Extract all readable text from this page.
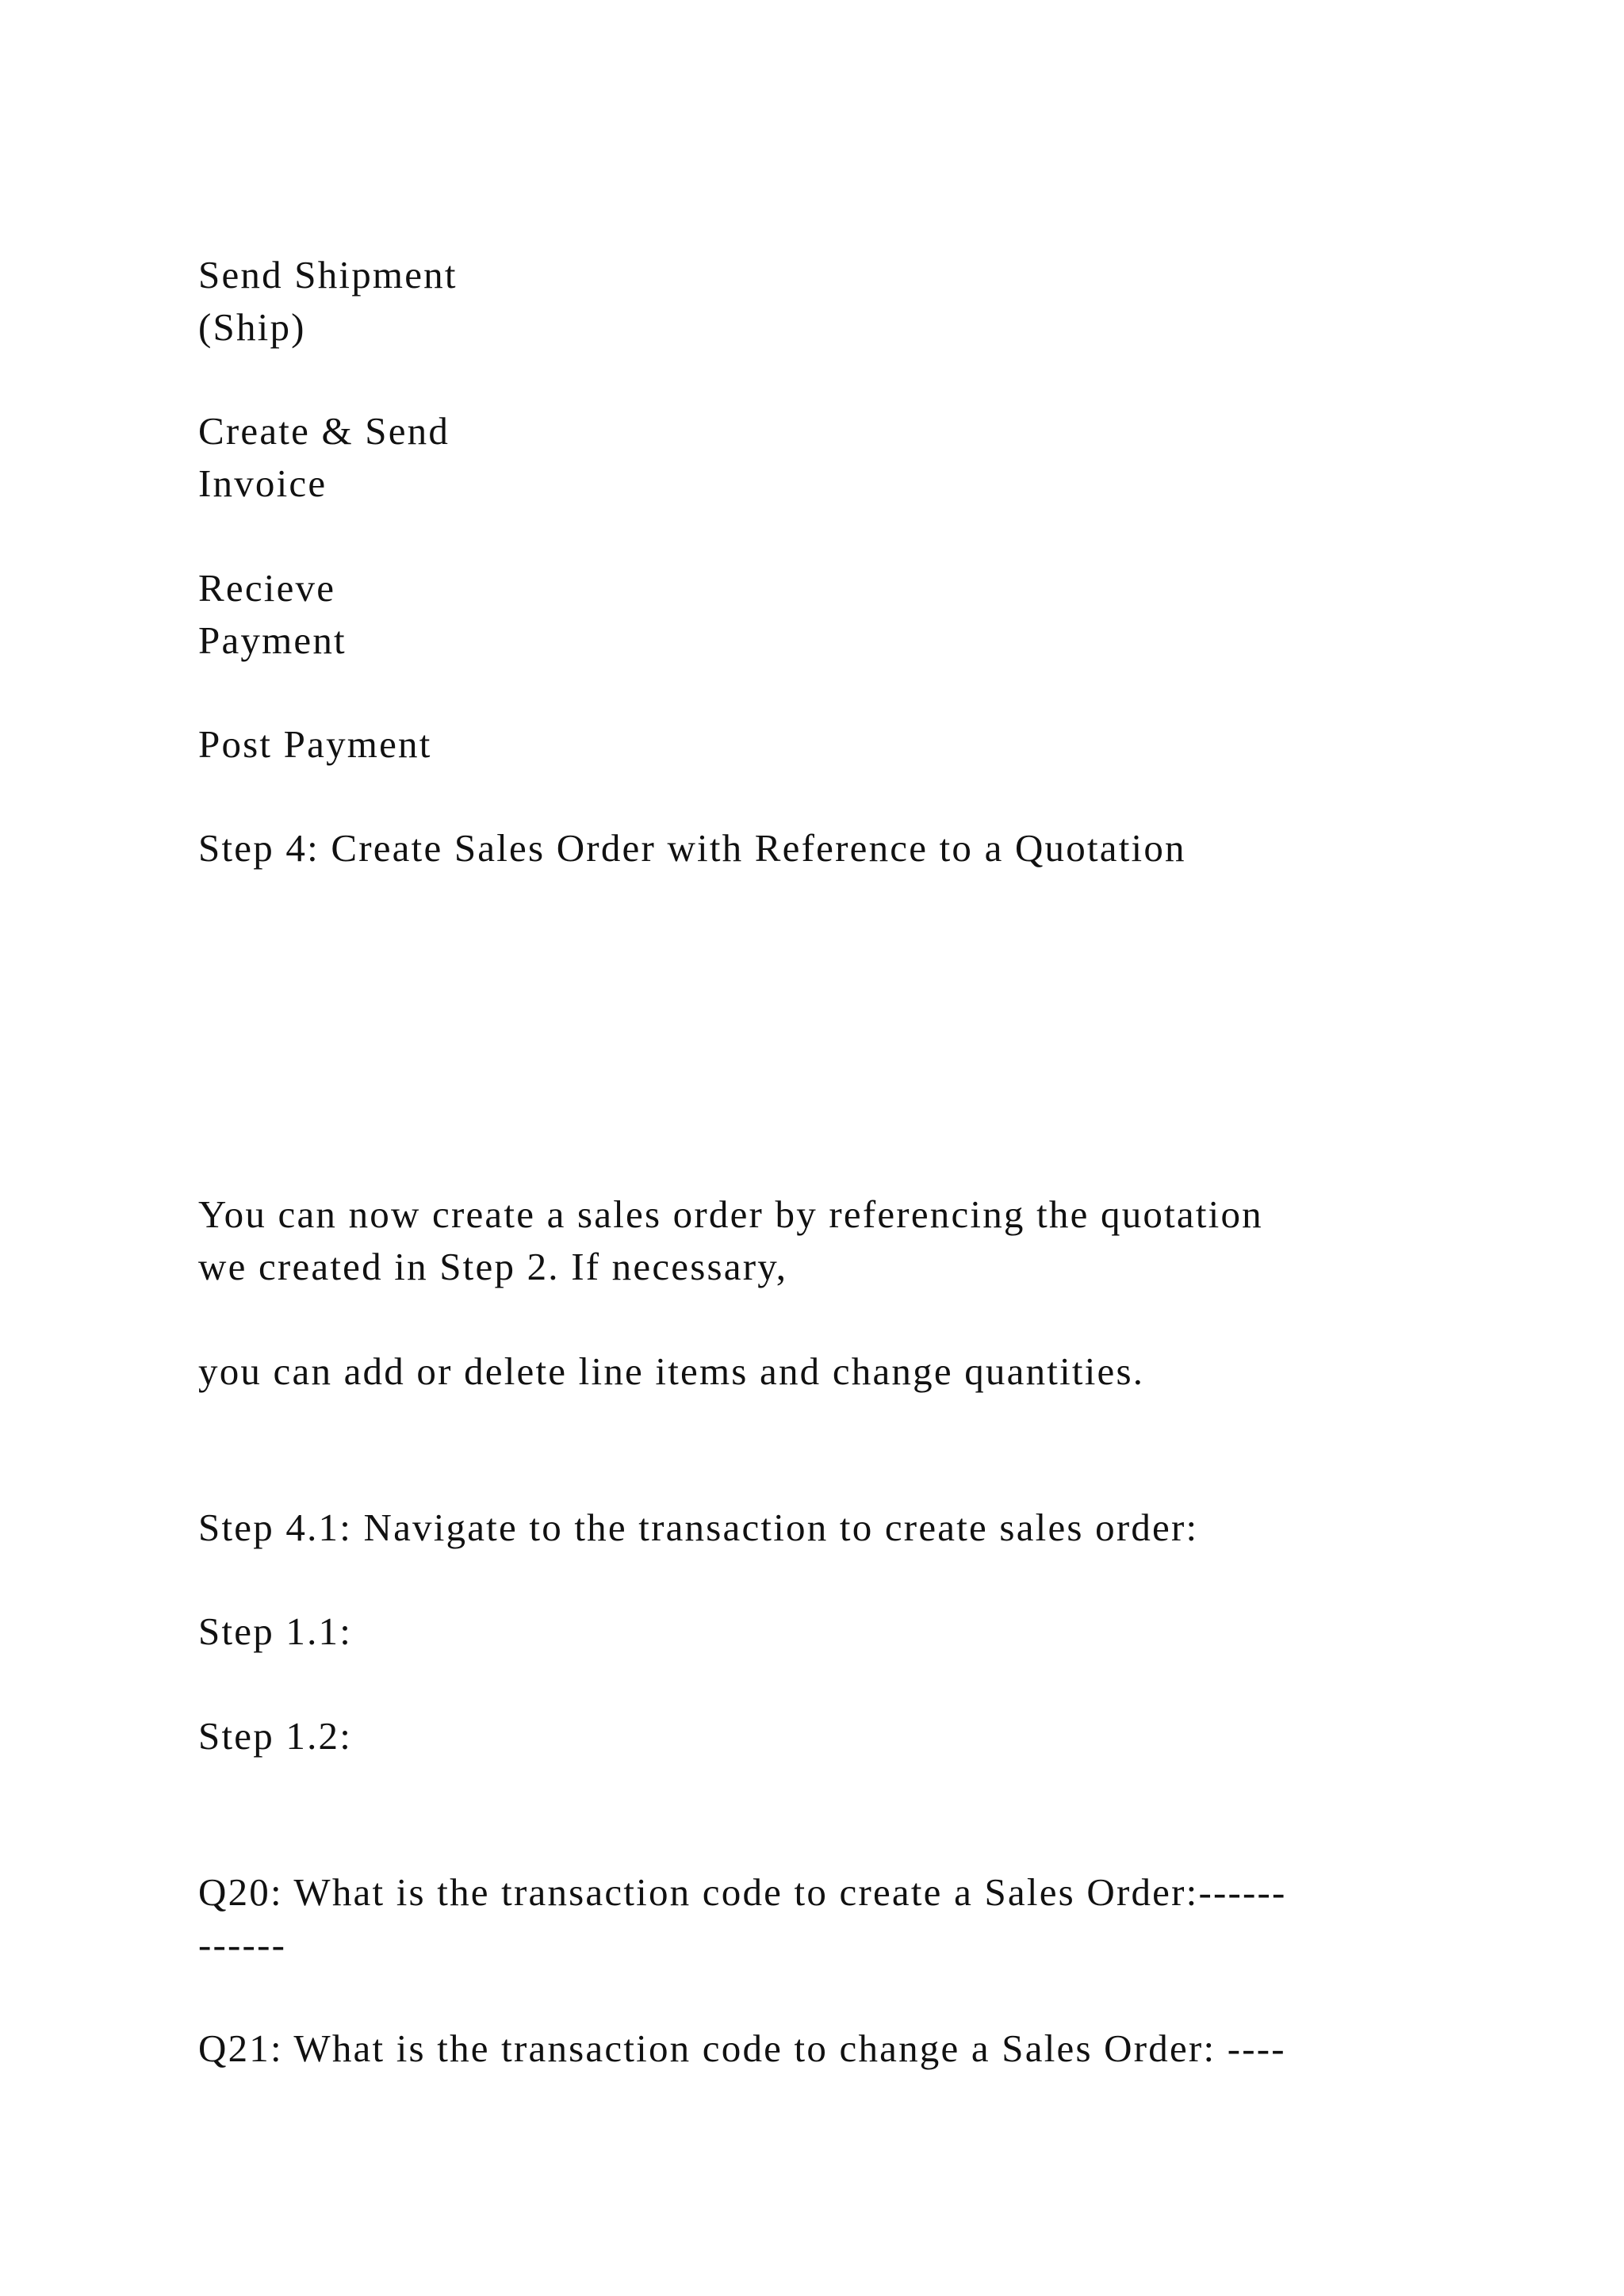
Send Shipment
(Ship)
Create & Send
Invoice
Recieve
Payment
Post Payment
Step 4: Create Sales Order with Reference to a Quotation
You can now create a sales order by referencing the quotation
we created in Step 2. If necessary,
you can add or delete line items and change quantities.
Step 4.1: Navigate to the transaction to create sales order:
Step 1.1:
Step 1.2:
Q20: What is the transaction code to create a Sales Order:------
------
Q21: What is the transaction code to change a Sales Order: ----
